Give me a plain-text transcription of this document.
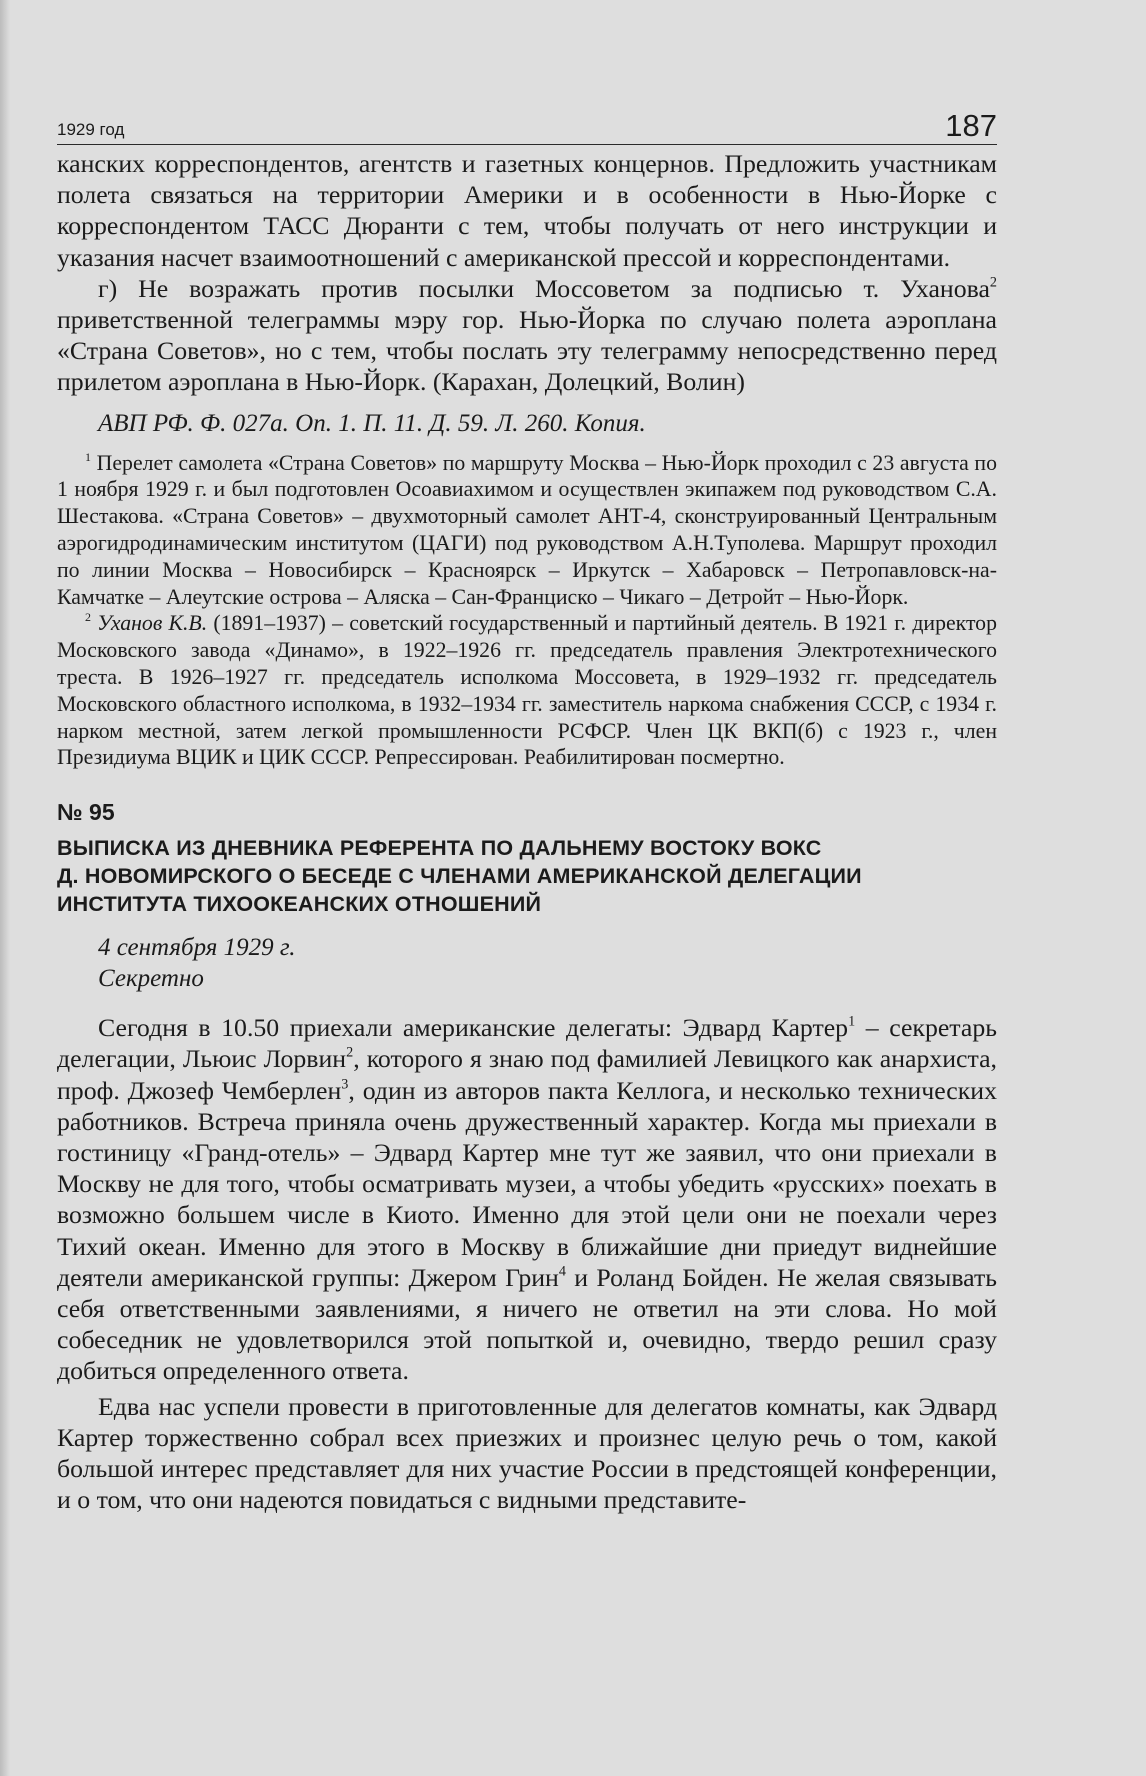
1929 год	187

канских корреспондентов, агентств и газетных концернов. Предложить участникам полета связаться на территории Америки и в особенности в Нью-Йорке с корреспондентом ТАСС Дюранти с тем, чтобы получать от него инструкции и указания насчет взаимоотношений с американской прессой и корреспондентами.

г) Не возражать против посылки Моссоветом за подписью т. Уханова$^2$ приветственной телеграммы мэру гор. Нью-Йорка по случаю полета аэроплана «Страна Советов», но с тем, чтобы послать эту телеграмму непосредственно перед прилетом аэроплана в Нью-Йорк. (Карахан, Долецкий, Волин)

АВП РФ. Ф. 027а. Оп. 1. П. 11. Д. 59. Л. 260. Копия.

$^1$ Перелет самолета «Страна Советов» по маршруту Москва – Нью-Йорк проходил с 23 августа по 1 ноября 1929 г. и был подготовлен Осоавиахимом и осуществлен экипажем под руководством С.А. Шестакова. «Страна Советов» – двухмоторный самолет АНТ-4, сконструированный Центральным аэрогидродинамическим институтом (ЦАГИ) под руководством А.Н.Туполева. Маршрут проходил по линии Москва – Новосибирск – Красноярск – Иркутск – Хабаровск – Петропавловск-на-Камчатке – Алеутские острова – Аляска – Сан-Франциско – Чикаго – Детройт – Нью-Йорк.

$^2$ Уханов К.В. (1891–1937) – советский государственный и партийный деятель. В 1921 г. директор Московского завода «Динамо», в 1922–1926 гг. председатель правления Электротехнического треста. В 1926–1927 гг. председатель исполкома Моссовета, в 1929–1932 гг. председатель Московского областного исполкома, в 1932–1934 гг. заместитель наркома снабжения СССР, с 1934 г. нарком местной, затем легкой промышленности РСФСР. Член ЦК ВКП(б) с 1923 г., член Президиума ВЦИК и ЦИК СССР. Репрессирован. Реабилитирован посмертно.

№ 95
ВЫПИСКА ИЗ ДНЕВНИКА РЕФЕРЕНТА ПО ДАЛЬНЕМУ ВОСТОКУ ВОКС
Д. НОВОМИРСКОГО О БЕСЕДЕ С ЧЛЕНАМИ АМЕРИКАНСКОЙ ДЕЛЕГАЦИИ
ИНСТИТУТА ТИХООКЕАНСКИХ ОТНОШЕНИЙ

4 сентября 1929 г.

Секретно

Сегодня в 10.50 приехали американские делегаты: Эдвард Картер$^1$ – секретарь делегации, Льюис Лорвин$^2$, которого я знаю под фамилией Левицкого как анархиста, проф. Джозеф Чемберлен$^3$, один из авторов пакта Келлога, и несколько технических работников. Встреча приняла очень дружественный характер. Когда мы приехали в гостиницу «Гранд-отель» – Эдвард Картер мне тут же заявил, что они приехали в Москву не для того, чтобы осматривать музеи, а чтобы убедить «русских» поехать в возможно большем числе в Киото. Именно для этой цели они не поехали через Тихий океан. Именно для этого в Москву в ближайшие дни приедут виднейшие деятели американской группы: Джером Грин$^4$ и Роланд Бойден. Не желая связывать себя ответственными заявлениями, я ничего не ответил на эти слова. Но мой собеседник не удовлетворился этой попыткой и, очевидно, твердо решил сразу добиться определенного ответа.

Едва нас успели провести в приготовленные для делегатов комнаты, как Эдвард Картер торжественно собрал всех приезжих и произнес целую речь о том, какой большой интерес представляет для них участие России в предстоящей конференции, и о том, что они надеются повидаться с видными представите-
